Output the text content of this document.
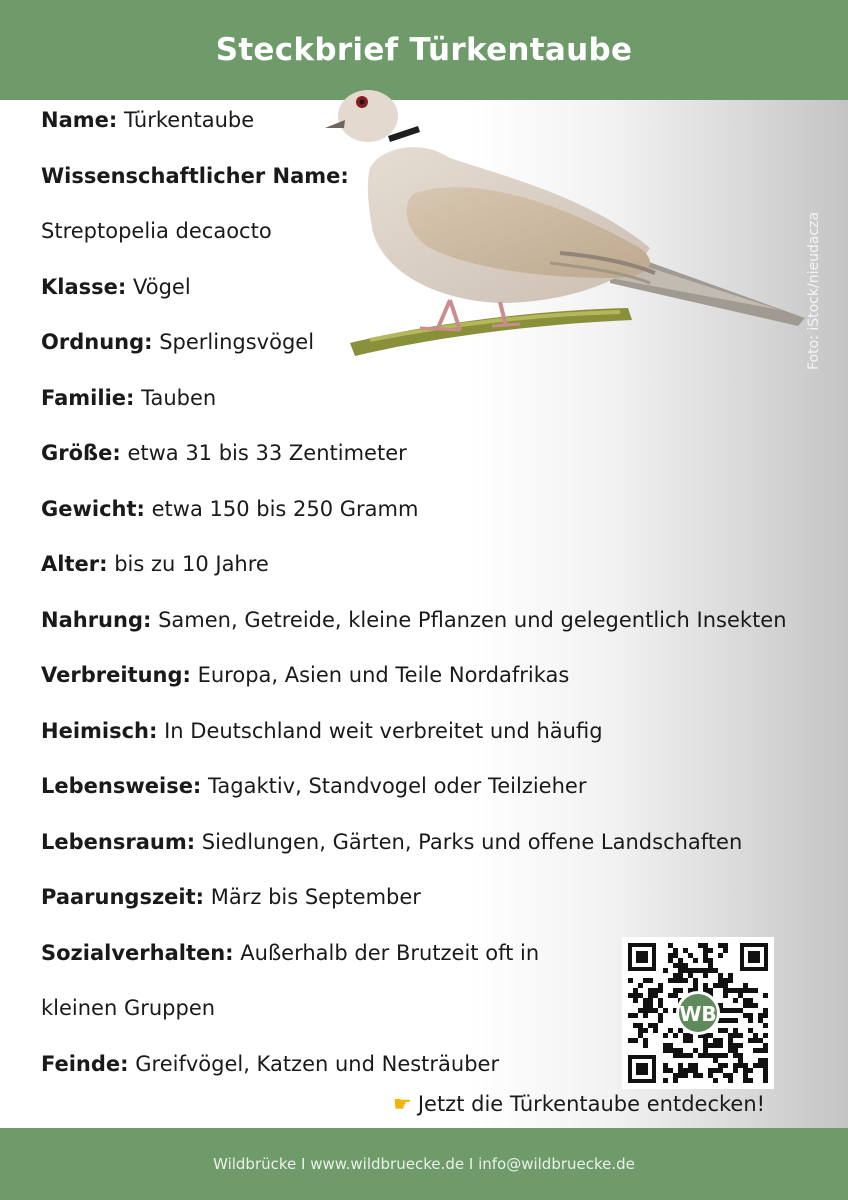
Steckbrief Türkentaube
Foto: iStock/nieudacza
Name: Türkentaube
Wissenschaftlicher Name:
Streptopelia decaocto
Klasse: Vögel
Ordnung: Sperlingsvögel
Familie: Tauben
Größe: etwa 31 bis 33 Zentimeter
Gewicht: etwa 150 bis 250 Gramm
Alter: bis zu 10 Jahre
Nahrung: Samen, Getreide, kleine Pflanzen und gelegentlich Insekten
Verbreitung: Europa, Asien und Teile Nordafrikas
Heimisch: In Deutschland weit verbreitet und häufig
Lebensweise: Tagaktiv, Standvogel oder Teilzieher
Lebensraum: Siedlungen, Gärten, Parks und offene Landschaften
Paarungszeit: März bis September
Sozialverhalten: Außerhalb der Brutzeit oft in
kleinen Gruppen
Feinde: Greifvögel, Katzen und Nesträuber
WB
☛ Jetzt die Türkentaube entdecken!
Wildbrücke I www.wildbruecke.de I info@wildbruecke.de
